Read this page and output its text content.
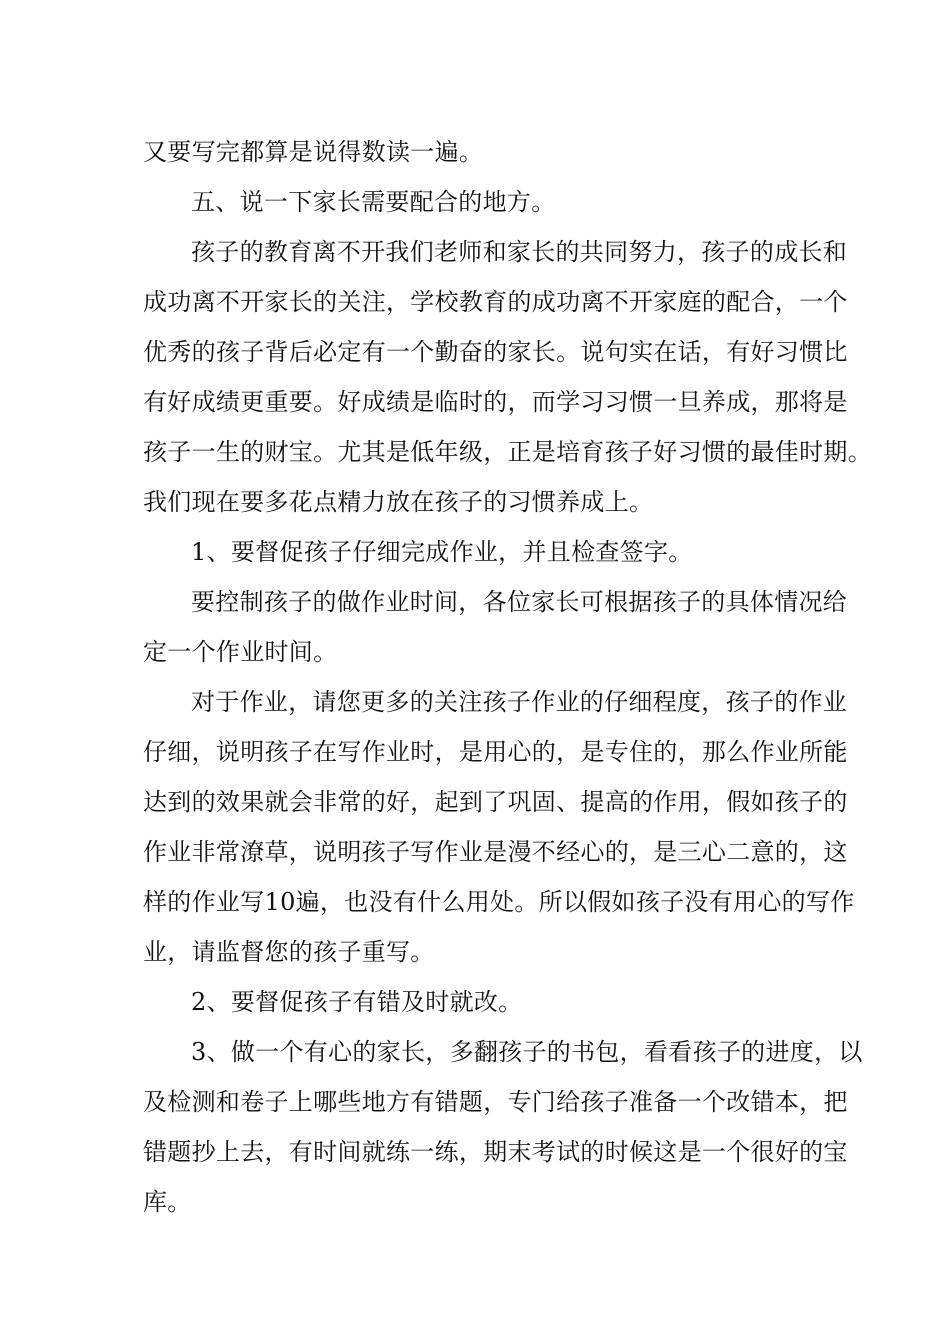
又要写完都算是说得数读一遍。
五、说一下家长需要配合的地方。
孩子的教育离不开我们老师和家长的共同努力，孩子的成长和
成功离不开家长的关注，学校教育的成功离不开家庭的配合，一个
优秀的孩子背后必定有一个勤奋的家长。说句实在话，有好习惯比
有好成绩更重要。好成绩是临时的，而学习习惯一旦养成，那将是
孩子一生的财宝。尤其是低年级，正是培育孩子好习惯的最佳时期。
我们现在要多花点精力放在孩子的习惯养成上。
1、要督促孩子仔细完成作业，并且检查签字。
要控制孩子的做作业时间，各位家长可根据孩子的具体情况给
定一个作业时间。
对于作业，请您更多的关注孩子作业的仔细程度，孩子的作业
仔细，说明孩子在写作业时，是用心的，是专住的，那么作业所能
达到的效果就会非常的好，起到了巩固、提高的作用，假如孩子的
作业非常潦草，说明孩子写作业是漫不经心的，是三心二意的，这
样的作业写10遍，也没有什么用处。所以假如孩子没有用心的写作
业，请监督您的孩子重写。
2、要督促孩子有错及时就改。
3、做一个有心的家长，多翻孩子的书包，看看孩子的进度，以
及检测和卷子上哪些地方有错题，专门给孩子准备一个改错本，把
错题抄上去，有时间就练一练，期末考试的时候这是一个很好的宝
库。
